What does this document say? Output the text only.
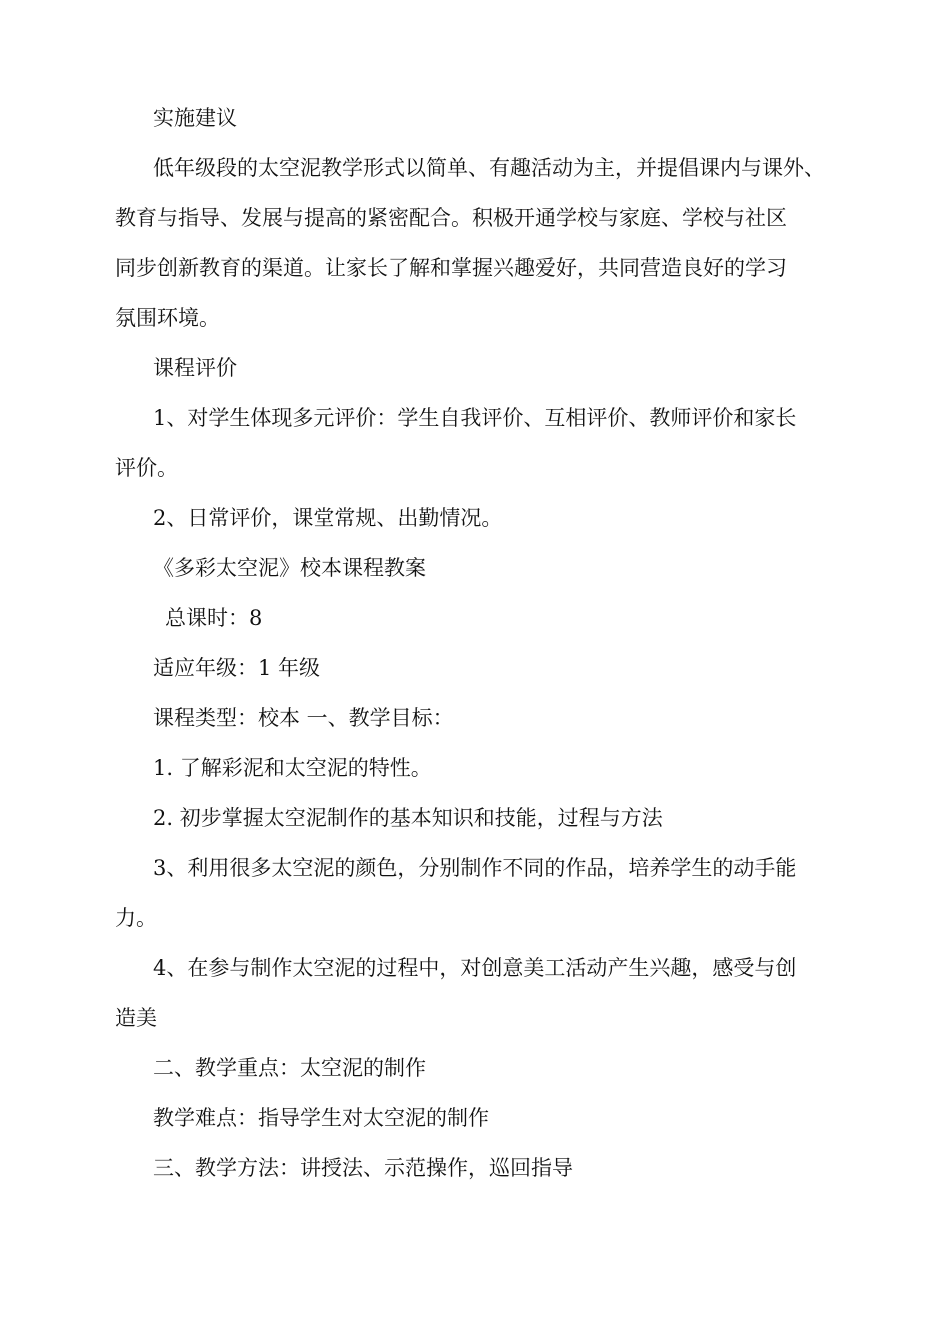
实施建议

低年级段的太空泥教学形式以简单、有趣活动为主，并提倡课内与课外、

教育与指导、发展与提高的紧密配合。积极开通学校与家庭、学校与社区

同步创新教育的渠道。让家长了解和掌握兴趣爱好，共同营造良好的学习

氛围环境。

课程评价

1、对学生体现多元评价：学生自我评价、互相评价、教师评价和家长

评价。

2、日常评价，课堂常规、出勤情况。

《多彩太空泥》校本课程教案

总课时：8

适应年级：1 年级

课程类型：校本 一、教学目标：

1. 了解彩泥和太空泥的特性。

2. 初步掌握太空泥制作的基本知识和技能，过程与方法

3、利用很多太空泥的颜色，分别制作不同的作品，培养学生的动手能

力。

4、在参与制作太空泥的过程中，对创意美工活动产生兴趣，感受与创

造美

二、教学重点：太空泥的制作

教学难点：指导学生对太空泥的制作

三、教学方法：讲授法、示范操作，巡回指导
